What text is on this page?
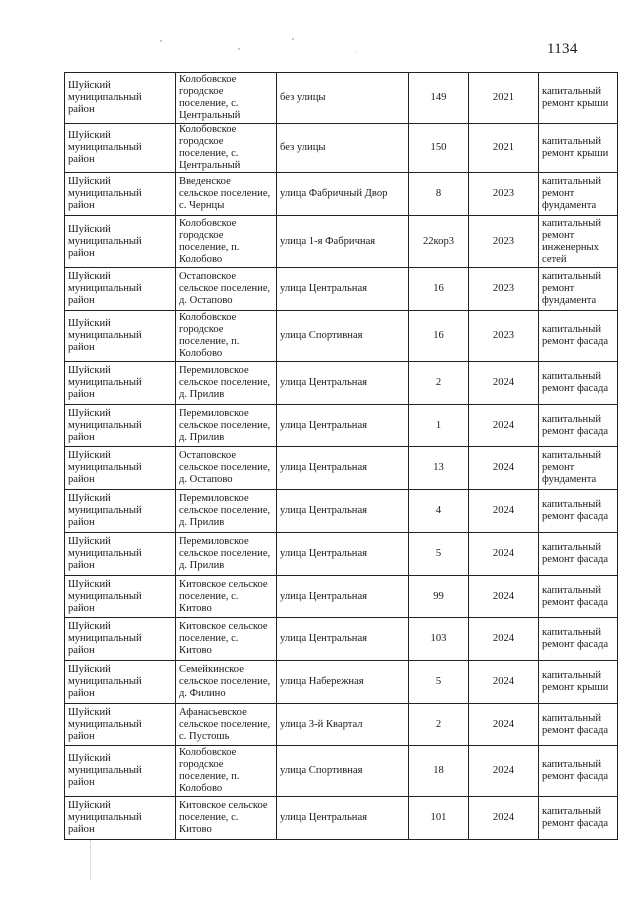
1134
Шуйский
муниципальный
район	Колобовское
городское
поселение, с.
Центральный	без улицы	149	2021	капитальный
ремонт крыши
Шуйский
муниципальный
район	Колобовское
городское
поселение, с.
Центральный	без улицы	150	2021	капитальный
ремонт крыши
Шуйский
муниципальный
район	Введенское
сельское поселение,
с. Чернцы	улица Фабричный Двор	8	2023	капитальный
ремонт
фундамента
Шуйский
муниципальный
район	Колобовское
городское
поселение, п.
Колобово	улица 1-я Фабричная	22кор3	2023	капитальный
ремонт
инженерных
сетей
Шуйский
муниципальный
район	Остаповское
сельское поселение,
д. Остапово	улица Центральная	16	2023	капитальный
ремонт
фундамента
Шуйский
муниципальный
район	Колобовское
городское
поселение, п.
Колобово	улица Спортивная	16	2023	капитальный
ремонт фасада
Шуйский
муниципальный
район	Перемиловское
сельское поселение,
д. Прилив	улица Центральная	2	2024	капитальный
ремонт фасада
Шуйский
муниципальный
район	Перемиловское
сельское поселение,
д. Прилив	улица Центральная	1	2024	капитальный
ремонт фасада
Шуйский
муниципальный
район	Остаповское
сельское поселение,
д. Остапово	улица Центральная	13	2024	капитальный
ремонт
фундамента
Шуйский
муниципальный
район	Перемиловское
сельское поселение,
д. Прилив	улица Центральная	4	2024	капитальный
ремонт фасада
Шуйский
муниципальный
район	Перемиловское
сельское поселение,
д. Прилив	улица Центральная	5	2024	капитальный
ремонт фасада
Шуйский
муниципальный
район	Китовское сельское
поселение, с.
Китово	улица Центральная	99	2024	капитальный
ремонт фасада
Шуйский
муниципальный
район	Китовское сельское
поселение, с.
Китово	улица Центральная	103	2024	капитальный
ремонт фасада
Шуйский
муниципальный
район	Семейкинское
сельское поселение,
д. Филино	улица Набережная	5	2024	капитальный
ремонт крыши
Шуйский
муниципальный
район	Афанасьевское
сельское поселение,
с. Пустошь	улица 3-й Квартал	2	2024	капитальный
ремонт фасада
Шуйский
муниципальный
район	Колобовское
городское
поселение, п.
Колобово	улица Спортивная	18	2024	капитальный
ремонт фасада
Шуйский
муниципальный
район	Китовское сельское
поселение, с.
Китово	улица Центральная	101	2024	капитальный
ремонт фасада
